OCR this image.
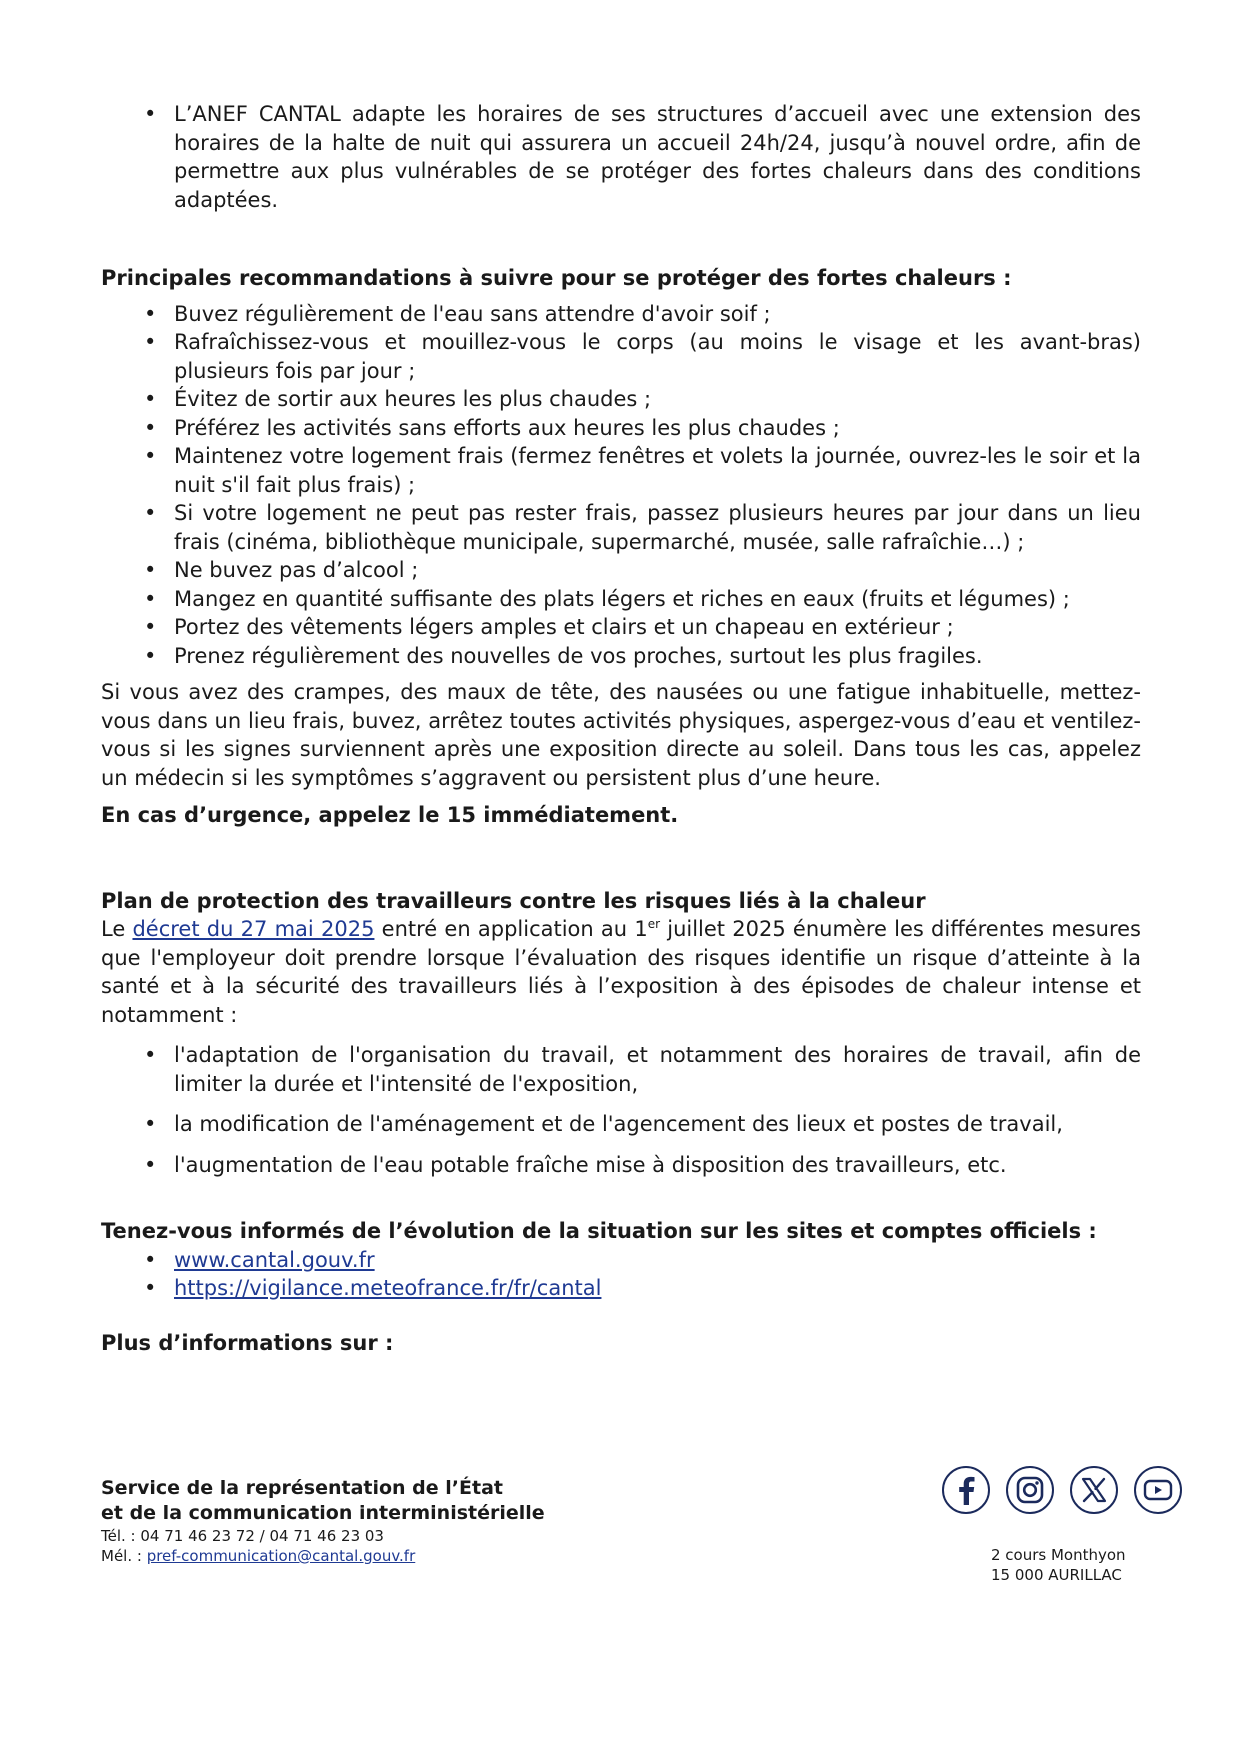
• L’ANEF CANTAL adapte les horaires de ses structures d’accueil avec une extension des horaires de la halte de nuit qui assurera un accueil 24h/24, jusqu’à nouvel ordre, afin de permettre aux plus vulnérables de se protéger des fortes chaleurs dans des conditions adaptées.

Principales recommandations à suivre pour se protéger des fortes chaleurs :

• Buvez régulièrement de l'eau sans attendre d'avoir soif ;
• Rafraîchissez-vous et mouillez-vous le corps (au moins le visage et les avant-bras) plusieurs fois par jour ;
• Évitez de sortir aux heures les plus chaudes ;
• Préférez les activités sans efforts aux heures les plus chaudes ;
• Maintenez votre logement frais (fermez fenêtres et volets la journée, ouvrez-les le soir et la nuit s'il fait plus frais) ;
• Si votre logement ne peut pas rester frais, passez plusieurs heures par jour dans un lieu frais (cinéma, bibliothèque municipale, supermarché, musée, salle rafraîchie…) ;
• Ne buvez pas d’alcool ;
• Mangez en quantité suffisante des plats légers et riches en eaux (fruits et légumes) ;
• Portez des vêtements légers amples et clairs et un chapeau en extérieur ;
• Prenez régulièrement des nouvelles de vos proches, surtout les plus fragiles.

Si vous avez des crampes, des maux de tête, des nausées ou une fatigue inhabituelle, mettez-vous dans un lieu frais, buvez, arrêtez toutes activités physiques, aspergez-vous d’eau et ventilez-vous si les signes surviennent après une exposition directe au soleil. Dans tous les cas, appelez un médecin si les symptômes s’aggravent ou persistent plus d’une heure.

En cas d’urgence, appelez le 15 immédiatement.

Plan de protection des travailleurs contre les risques liés à la chaleur

Le décret du 27 mai 2025 entré en application au 1er juillet 2025 énumère les différentes mesures que l'employeur doit prendre lorsque l’évaluation des risques identifie un risque d’atteinte à la santé et à la sécurité des travailleurs liés à l’exposition à des épisodes de chaleur intense et notamment :

• l'adaptation de l'organisation du travail, et notamment des horaires de travail, afin de limiter la durée et l'intensité de l'exposition,
• la modification de l'aménagement et de l'agencement des lieux et postes de travail,
• l'augmentation de l'eau potable fraîche mise à disposition des travailleurs, etc.

Tenez-vous informés de l’évolution de la situation sur les sites et comptes officiels :

• www.cantal.gouv.fr
• https://vigilance.meteofrance.fr/fr/cantal

Plus d’informations sur :

Service de la représentation de l’État
et de la communication interministérielle
Tél. : 04 71 46 23 72 / 04 71 46 23 03
Mél. : pref-communication@cantal.gouv.fr	2 cours Monthyon
15 000 AURILLAC
